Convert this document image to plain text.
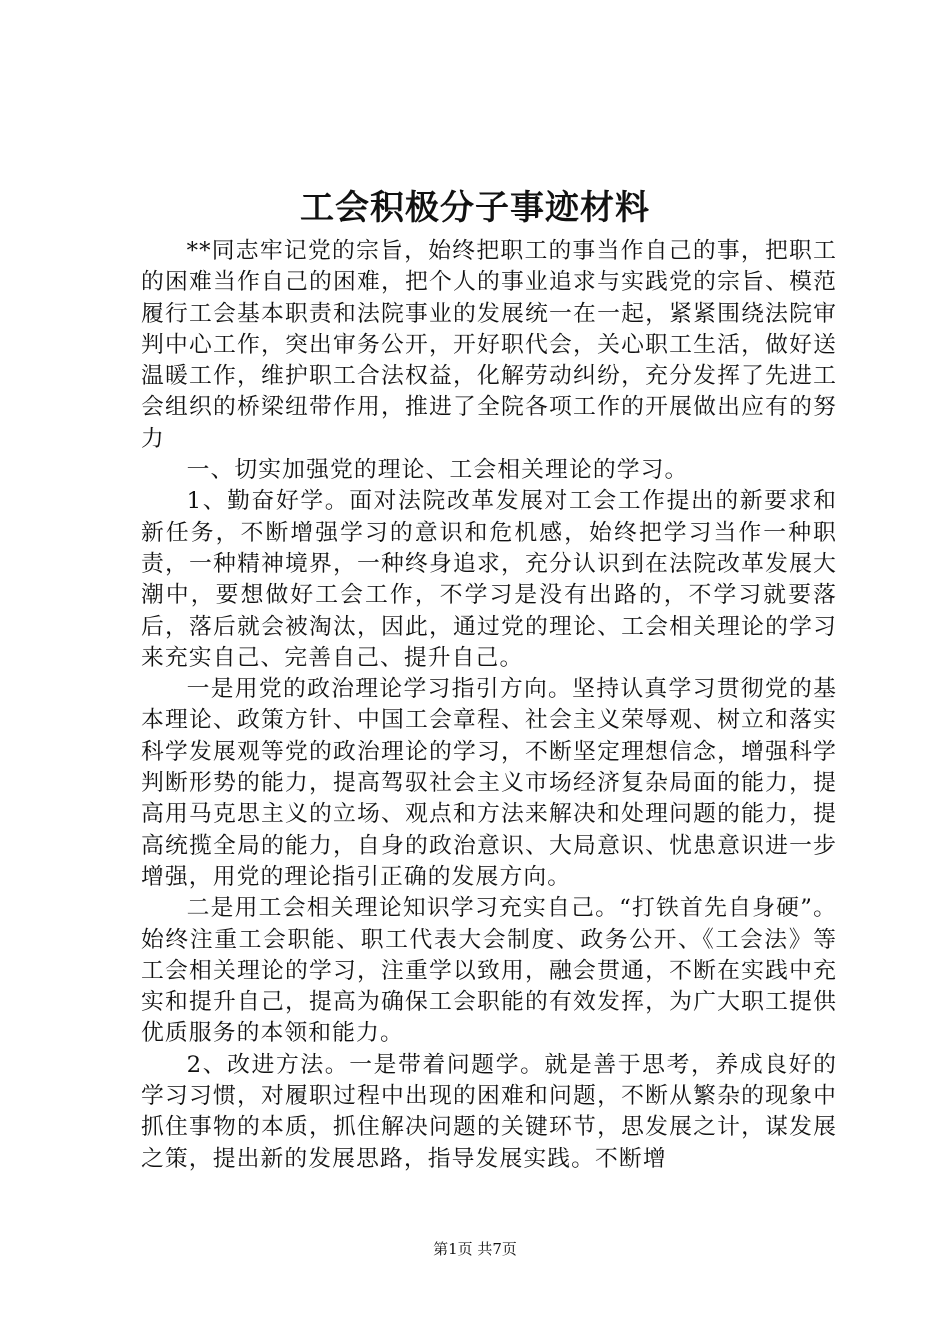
工会积极分子事迹材料

**同志牢记党的宗旨，始终把职工的事当作自己的事，把职工的困难当作自己的困难，把个人的事业追求与实践党的宗旨、模范履行工会基本职责和法院事业的发展统一在一起，紧紧围绕法院审判中心工作，突出审务公开，开好职代会，关心职工生活，做好送温暖工作，维护职工合法权益，化解劳动纠纷，充分发挥了先进工会组织的桥梁纽带作用，推进了全院各项工作的开展做出应有的努力

一、切实加强党的理论、工会相关理论的学习。

1、勤奋好学。面对法院改革发展对工会工作提出的新要求和新任务，不断增强学习的意识和危机感，始终把学习当作一种职责，一种精神境界，一种终身追求，充分认识到在法院改革发展大潮中，要想做好工会工作，不学习是没有出路的，不学习就要落后，落后就会被淘汰，因此，通过党的理论、工会相关理论的学习来充实自己、完善自己、提升自己。

一是用党的政治理论学习指引方向。坚持认真学习贯彻党的基本理论、政策方针、中国工会章程、社会主义荣辱观、树立和落实科学发展观等党的政治理论的学习，不断坚定理想信念，增强科学判断形势的能力，提高驾驭社会主义市场经济复杂局面的能力，提高用马克思主义的立场、观点和方法来解决和处理问题的能力，提高统揽全局的能力，自身的政治意识、大局意识、忧患意识进一步增强，用党的理论指引正确的发展方向。

二是用工会相关理论知识学习充实自己。“打铁首先自身硬”。始终注重工会职能、职工代表大会制度、政务公开、《工会法》等工会相关理论的学习，注重学以致用，融会贯通，不断在实践中充实和提升自己，提高为确保工会职能的有效发挥，为广大职工提供优质服务的本领和能力。

2、改进方法。一是带着问题学。就是善于思考，养成良好的学习习惯，对履职过程中出现的困难和问题，不断从繁杂的现象中抓住事物的本质，抓住解决问题的关键环节，思发展之计，谋发展之策，提出新的发展思路，指导发展实践。不断增

第1页 共7页
